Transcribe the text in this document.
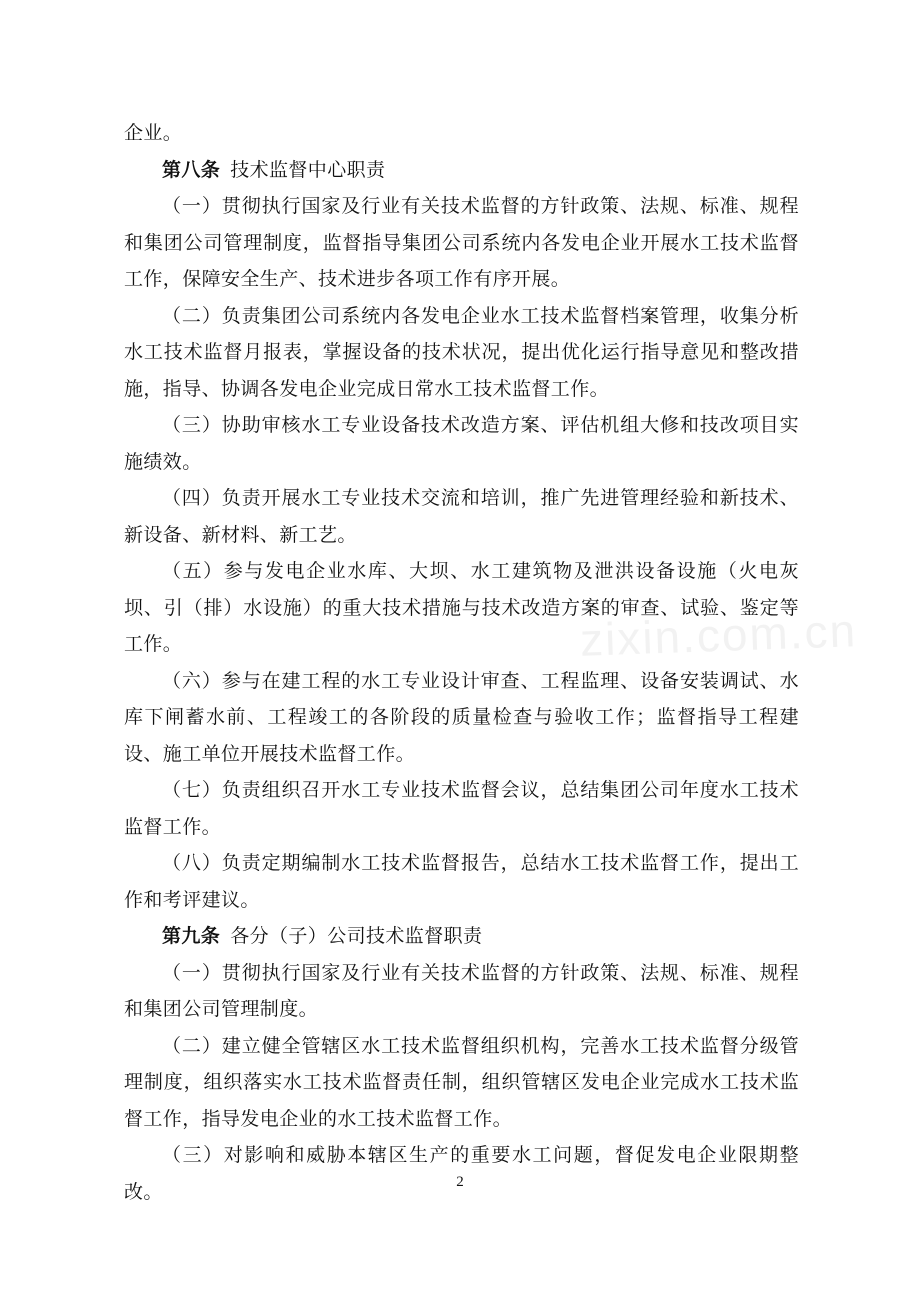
企业。

第八条 技术监督中心职责

（一）贯彻执行国家及行业有关技术监督的方针政策、法规、标准、规程和集团公司管理制度，监督指导集团公司系统内各发电企业开展水工技术监督工作，保障安全生产、技术进步各项工作有序开展。

（二）负责集团公司系统内各发电企业水工技术监督档案管理，收集分析水工技术监督月报表，掌握设备的技术状况，提出优化运行指导意见和整改措施，指导、协调各发电企业完成日常水工技术监督工作。

（三）协助审核水工专业设备技术改造方案、评估机组大修和技改项目实施绩效。

（四）负责开展水工专业技术交流和培训，推广先进管理经验和新技术、新设备、新材料、新工艺。

（五）参与发电企业水库、大坝、水工建筑物及泄洪设备设施（火电灰坝、引（排）水设施）的重大技术措施与技术改造方案的审查、试验、鉴定等工作。

（六）参与在建工程的水工专业设计审查、工程监理、设备安装调试、水库下闸蓄水前、工程竣工的各阶段的质量检查与验收工作；监督指导工程建设、施工单位开展技术监督工作。

（七）负责组织召开水工专业技术监督会议，总结集团公司年度水工技术监督工作。

（八）负责定期编制水工技术监督报告，总结水工技术监督工作，提出工作和考评建议。

第九条 各分（子）公司技术监督职责

（一）贯彻执行国家及行业有关技术监督的方针政策、法规、标准、规程和集团公司管理制度。

（二）建立健全管辖区水工技术监督组织机构，完善水工技术监督分级管理制度，组织落实水工技术监督责任制，组织管辖区发电企业完成水工技术监督工作，指导发电企业的水工技术监督工作。

（三）对影响和威胁本辖区生产的重要水工问题，督促发电企业限期整改。

zixin.com.cn
2
